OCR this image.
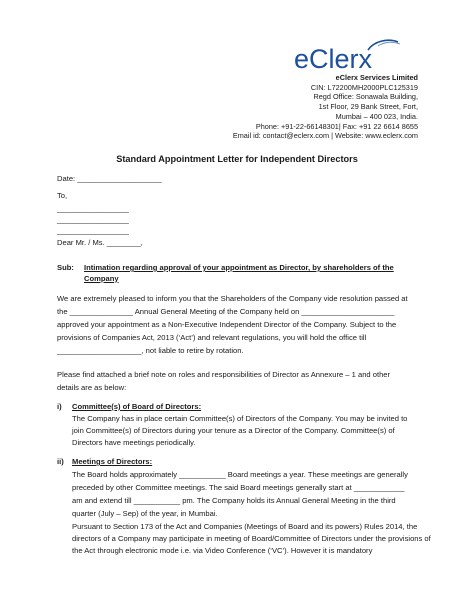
eClerx
eClerx Services Limited
CIN: L72200MH2000PLC125319
Regd Office: Sonawala Building,
1st Floor, 29 Bank Street, Fort,
Mumbai – 400 023, India.
Phone: +91-22-66148301| Fax: +91 22 6614 8655
Email id: contact@eclerx.com | Website: www.eclerx.com
Standard Appointment Letter for Independent Directors
Date: ____________________
To,
_________________
_________________
_________________
Dear Mr. / Ms. ________,
Sub: Intimation regarding approval of your appointment as Director, by shareholders of the Company
We are extremely pleased to inform you that the Shareholders of the Company vide resolution passed at
the _______________ Annual General Meeting of the Company held on ______________________
approved your appointment as a Non-Executive Independent Director of the Company. Subject to the
provisions of Companies Act, 2013 (‘Act’) and relevant regulations, you will hold the office till
____________________, not liable to retire by rotation.
Please find attached a brief note on roles and responsibilities of Director as Annexure – 1 and other
details are as below:
i) Committee(s) of Board of Directors:
The Company has in place certain Committee(s) of Directors of the Company. You may be invited to
join Committee(s) of Directors during your tenure as a Director of the Company. Committee(s) of
Directors have meetings periodically.
ii) Meetings of Directors:
The Board holds approximately ___________ Board meetings a year. These meetings are generally
preceded by other Committee meetings. The said Board meetings generally start at ____________
am and extend till ___________ pm. The Company holds its Annual General Meeting in the third
quarter (July – Sep) of the year, in Mumbai.
Pursuant to Section 173 of the Act and Companies (Meetings of Board and its powers) Rules 2014, the
directors of a Company may participate in meeting of Board/Committee of Directors under the provisions of
the Act through electronic mode i.e. via Video Conference (‘VC’). However it is mandatory
